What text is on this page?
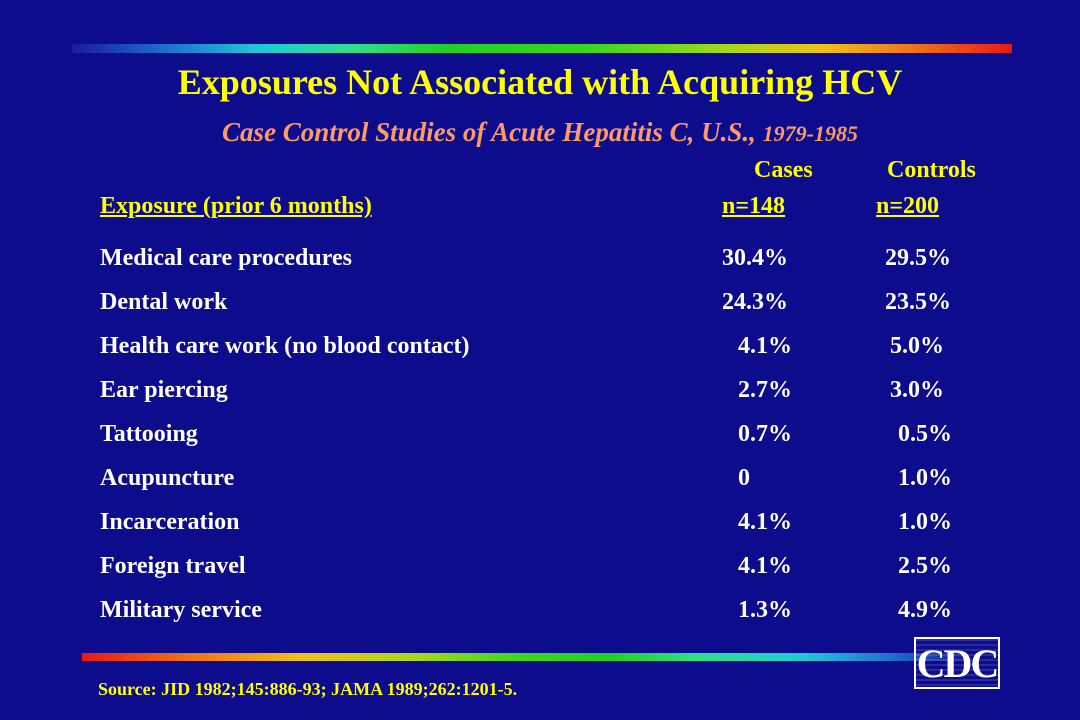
Exposures Not Associated with Acquiring HCV
Case Control Studies of Acute Hepatitis C, U.S., 1979-1985
Cases	Controls
Exposure (prior 6 months)	n=148	n=200
Medical care procedures	30.4%	29.5%
Dental work	24.3%	23.5%
Health care work (no blood contact)	4.1%	5.0%
Ear piercing	2.7%	3.0%
Tattooing	0.7%	0.5%
Acupuncture	0	1.0%
Incarceration	4.1%	1.0%
Foreign travel	4.1%	2.5%
Military service	1.3%	4.9%
Source: JID 1982;145:886-93; JAMA 1989;262:1201-5.
CDC
